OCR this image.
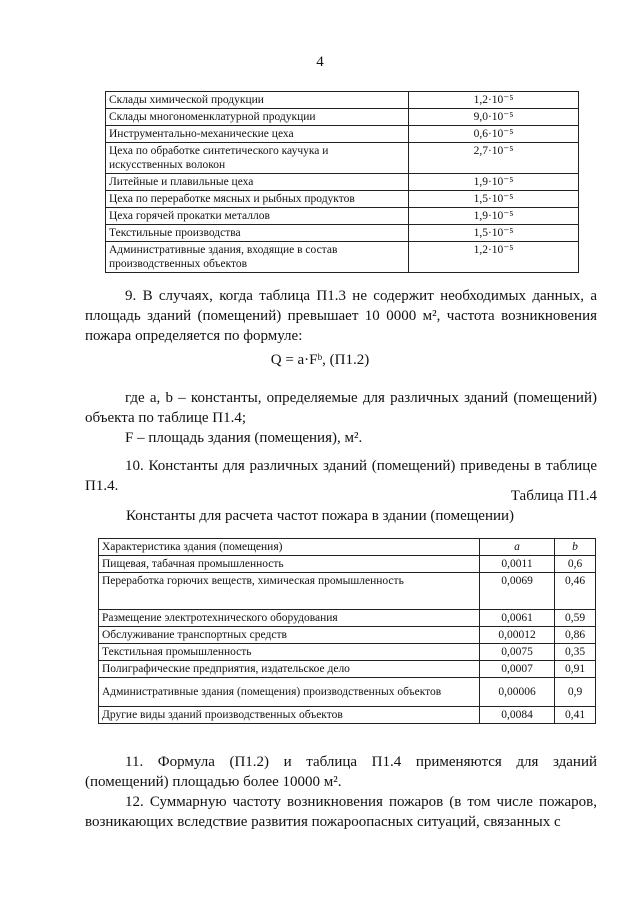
4
Склады химической продукции	1,2·10⁻⁵
Склады многономенклатурной продукции	9,0·10⁻⁵
Инструментально-механические цеха	0,6·10⁻⁵
Цеха по обработке синтетического каучука и искусственных волокон	2,7·10⁻⁵
Литейные и плавильные цеха	1,9·10⁻⁵
Цеха по переработке мясных и рыбных продуктов	1,5·10⁻⁵
Цеха горячей прокатки металлов	1,9·10⁻⁵
Текстильные производства	1,5·10⁻⁵
Административные здания, входящие в состав производственных объектов	1,2·10⁻⁵
9. В случаях, когда таблица П1.3 не содержит необходимых данных, а площадь зданий (помещений) превышает 10 0000 м², частота возникновения пожара определяется по формуле:
Q = a·Fᵇ, (П1.2)
где a, b – константы, определяемые для различных зданий (помещений) объекта по таблице П1.4;
F – площадь здания (помещения), м².
10. Константы для различных зданий (помещений) приведены в таблице П1.4.
Таблица П1.4
Константы для расчета частот пожара в здании (помещении)
Характеристика здания (помещения)	a	b
Пищевая, табачная промышленность	0,0011	0,6
Переработка горючих веществ, химическая промышленность	0,0069	0,46
Размещение электротехнического оборудования	0,0061	0,59
Обслуживание транспортных средств	0,00012	0,86
Текстильная промышленность	0,0075	0,35
Полиграфические предприятия, издательское дело	0,0007	0,91
Административные здания (помещения) производственных объектов	0,00006	0,9
Другие виды зданий производственных объектов	0,0084	0,41
11. Формула (П1.2) и таблица П1.4 применяются для зданий (помещений) площадью более 10000 м².
12. Суммарную частоту возникновения пожаров (в том числе пожаров, возникающих вследствие развития пожароопасных ситуаций, связанных с
